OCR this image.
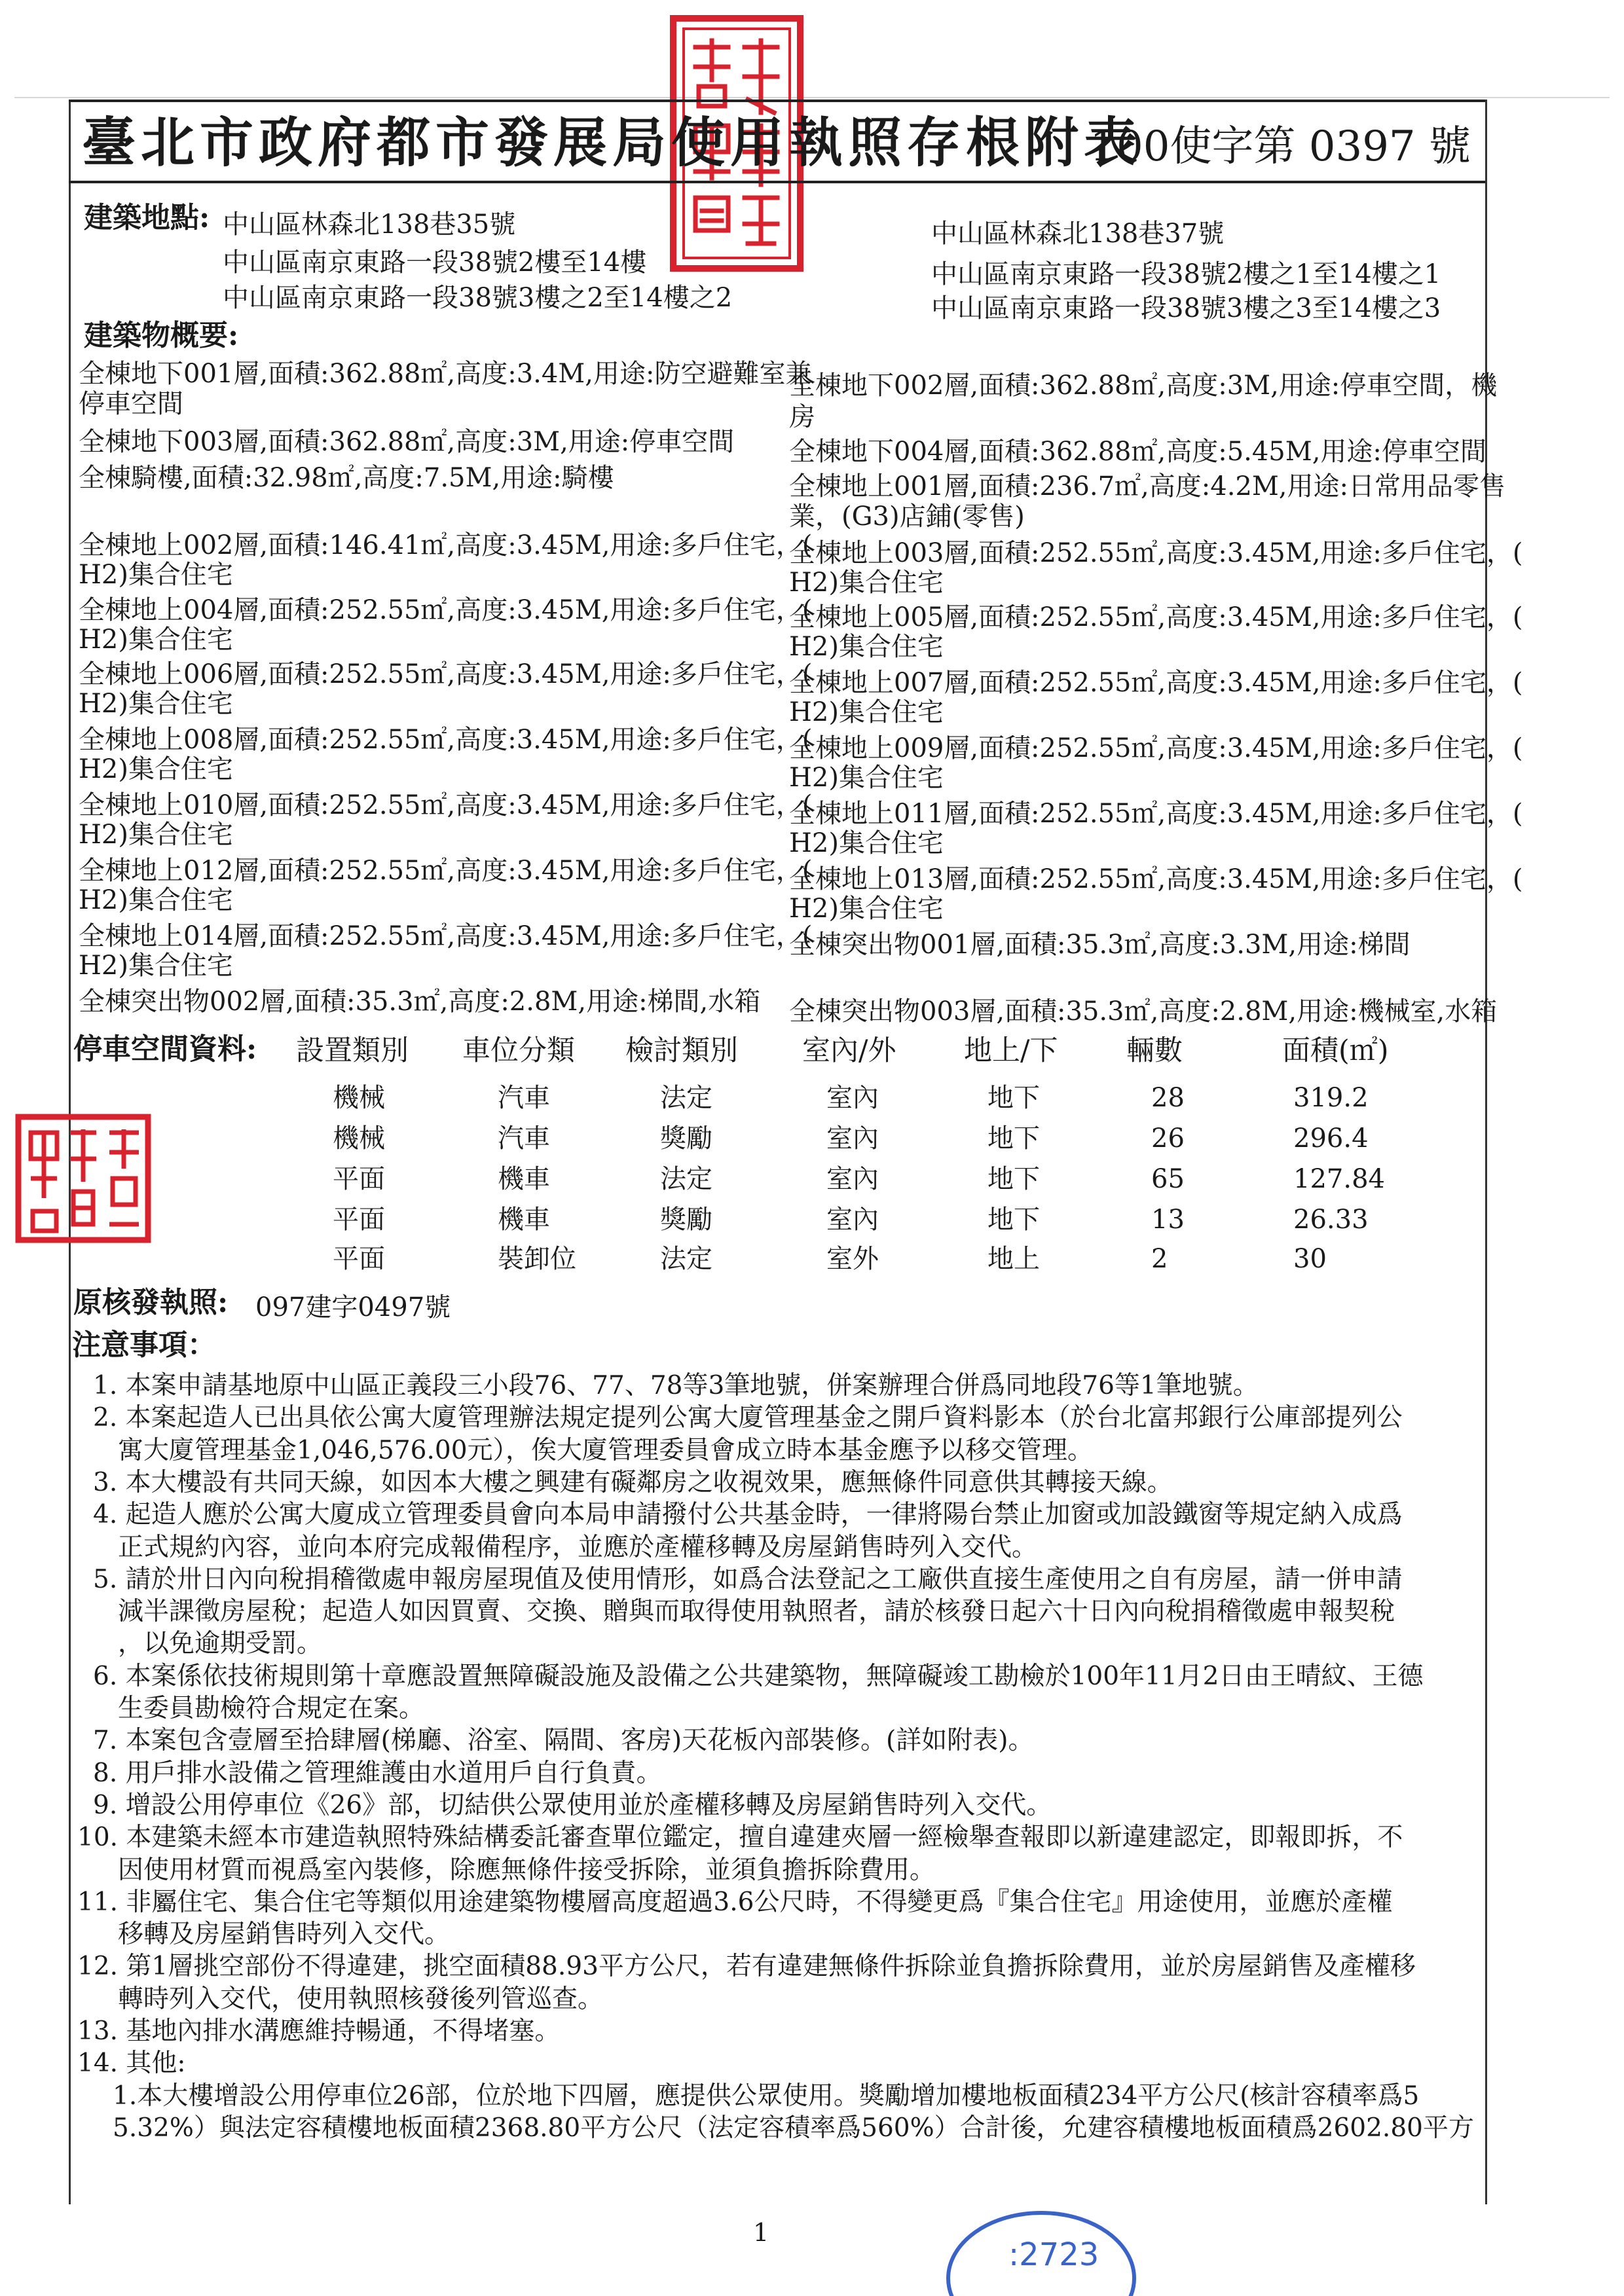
:2723
臺北市政府都市發展局使用執照存根附表
100使字第 0397 號
建築地點: 中山區林森北138巷35號
中山區南京東路一段38號2樓至14樓
中山區南京東路一段38號3樓之2至14樓之2
中山區林森北138巷37號
中山區南京東路一段38號2樓之1至14樓之1
中山區南京東路一段38號3樓之3至14樓之3
建築物概要:
全棟地下001層,面積:362.88㎡,高度:3.4M,用途:防空避難室兼
停車空間
全棟地下003層,面積:362.88㎡,高度:3M,用途:停車空間
全棟騎樓,面積:32.98㎡,高度:7.5M,用途:騎樓
全棟地上002層,面積:146.41㎡,高度:3.45M,用途:多戶住宅，(
H2)集合住宅
全棟地上004層,面積:252.55㎡,高度:3.45M,用途:多戶住宅，(
H2)集合住宅
全棟地上006層,面積:252.55㎡,高度:3.45M,用途:多戶住宅，(
H2)集合住宅
全棟地上008層,面積:252.55㎡,高度:3.45M,用途:多戶住宅，(
H2)集合住宅
全棟地上010層,面積:252.55㎡,高度:3.45M,用途:多戶住宅，(
H2)集合住宅
全棟地上012層,面積:252.55㎡,高度:3.45M,用途:多戶住宅，(
H2)集合住宅
全棟地上014層,面積:252.55㎡,高度:3.45M,用途:多戶住宅，(
H2)集合住宅
全棟突出物002層,面積:35.3㎡,高度:2.8M,用途:梯間,水箱
全棟地下002層,面積:362.88㎡,高度:3M,用途:停車空間，機
房
全棟地下004層,面積:362.88㎡,高度:5.45M,用途:停車空間
全棟地上001層,面積:236.7㎡,高度:4.2M,用途:日常用品零售
業，(G3)店鋪(零售)
全棟地上003層,面積:252.55㎡,高度:3.45M,用途:多戶住宅，(
H2)集合住宅
全棟地上005層,面積:252.55㎡,高度:3.45M,用途:多戶住宅，(
H2)集合住宅
全棟地上007層,面積:252.55㎡,高度:3.45M,用途:多戶住宅，(
H2)集合住宅
全棟地上009層,面積:252.55㎡,高度:3.45M,用途:多戶住宅，(
H2)集合住宅
全棟地上011層,面積:252.55㎡,高度:3.45M,用途:多戶住宅，(
H2)集合住宅
全棟地上013層,面積:252.55㎡,高度:3.45M,用途:多戶住宅，(
H2)集合住宅
全棟突出物001層,面積:35.3㎡,高度:3.3M,用途:梯間
全棟突出物003層,面積:35.3㎡,高度:2.8M,用途:機械室,水箱
停車空間資料: 設置類別 車位分類 檢討類別 室內/外 地上/下 輛數	面積(㎡)
機械	汽車	法定	室內	地下	28	319.2
機械	汽車	獎勵	室內	地下	26	296.4
平面	機車	法定	室內	地下	65	127.84
平面	機車	獎勵	室內	地下	13	26.33
平面	裝卸位	法定	室外	地上	2	30
原核發執照: 097建字0497號
注意事項：
1. 本案申請基地原中山區正義段三小段76、77、78等3筆地號，併案辦理合併爲同地段76等1筆地號。
2. 本案起造人已出具依公寓大廈管理辦法規定提列公寓大廈管理基金之開戶資料影本（於台北富邦銀行公庫部提列公
寓大廈管理基金1,046,576.00元），俟大廈管理委員會成立時本基金應予以移交管理。
3. 本大樓設有共同天線，如因本大樓之興建有礙鄰房之收視效果，應無條件同意供其轉接天線。
4. 起造人應於公寓大廈成立管理委員會向本局申請撥付公共基金時，一律將陽台禁止加窗或加設鐵窗等規定納入成爲
正式規約內容，並向本府完成報備程序，並應於產權移轉及房屋銷售時列入交代。
5. 請於卅日內向稅捐稽徵處申報房屋現值及使用情形，如爲合法登記之工廠供直接生產使用之自有房屋，請一併申請
減半課徵房屋稅；起造人如因買賣、交換、贈與而取得使用執照者，請於核發日起六十日內向稅捐稽徵處申報契稅
，以免逾期受罰。
6. 本案係依技術規則第十章應設置無障礙設施及設備之公共建築物，無障礙竣工勘檢於100年11月2日由王晴紋、王德
生委員勘檢符合規定在案。
7. 本案包含壹層至拾肆層(梯廳、浴室、隔間、客房)天花板內部裝修。(詳如附表)。
8. 用戶排水設備之管理維護由水道用戶自行負責。
9. 增設公用停車位《26》部，切結供公眾使用並於產權移轉及房屋銷售時列入交代。
10. 本建築未經本市建造執照特殊結構委託審查單位鑑定，擅自違建夾層一經檢舉查報即以新違建認定，即報即拆，不
因使用材質而視爲室內裝修，除應無條件接受拆除，並須負擔拆除費用。
11. 非屬住宅、集合住宅等類似用途建築物樓層高度超過3.6公尺時，不得變更爲『集合住宅』用途使用，並應於產權
移轉及房屋銷售時列入交代。
12. 第1層挑空部份不得違建，挑空面積88.93平方公尺，若有違建無條件拆除並負擔拆除費用，並於房屋銷售及產權移
轉時列入交代，使用執照核發後列管巡查。
13. 基地內排水溝應維持暢通，不得堵塞。
14. 其他:
1.本大樓增設公用停車位26部，位於地下四層，應提供公眾使用。獎勵增加樓地板面積234平方公尺(核計容積率爲5
5.32%）與法定容積樓地板面積2368.80平方公尺（法定容積率爲560%）合計後，允建容積樓地板面積爲2602.80平方
1
